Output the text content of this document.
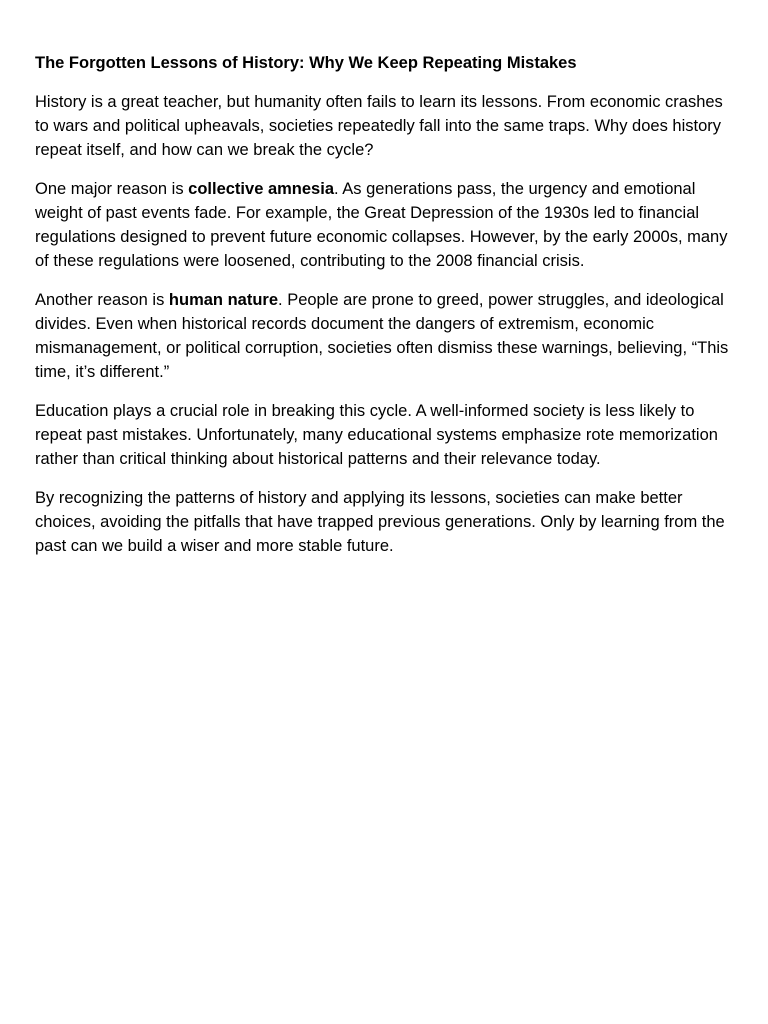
The Forgotten Lessons of History: Why We Keep Repeating Mistakes

History is a great teacher, but humanity often fails to learn its lessons. From economic crashes to wars and political upheavals, societies repeatedly fall into the same traps. Why does history repeat itself, and how can we break the cycle?

One major reason is collective amnesia. As generations pass, the urgency and emotional weight of past events fade. For example, the Great Depression of the 1930s led to financial regulations designed to prevent future economic collapses. However, by the early 2000s, many of these regulations were loosened, contributing to the 2008 financial crisis.

Another reason is human nature. People are prone to greed, power struggles, and ideological divides. Even when historical records document the dangers of extremism, economic mismanagement, or political corruption, societies often dismiss these warnings, believing, “This time, it’s different.”

Education plays a crucial role in breaking this cycle. A well-informed society is less likely to repeat past mistakes. Unfortunately, many educational systems emphasize rote memorization rather than critical thinking about historical patterns and their relevance today.

By recognizing the patterns of history and applying its lessons, societies can make better choices, avoiding the pitfalls that have trapped previous generations. Only by learning from the past can we build a wiser and more stable future.
